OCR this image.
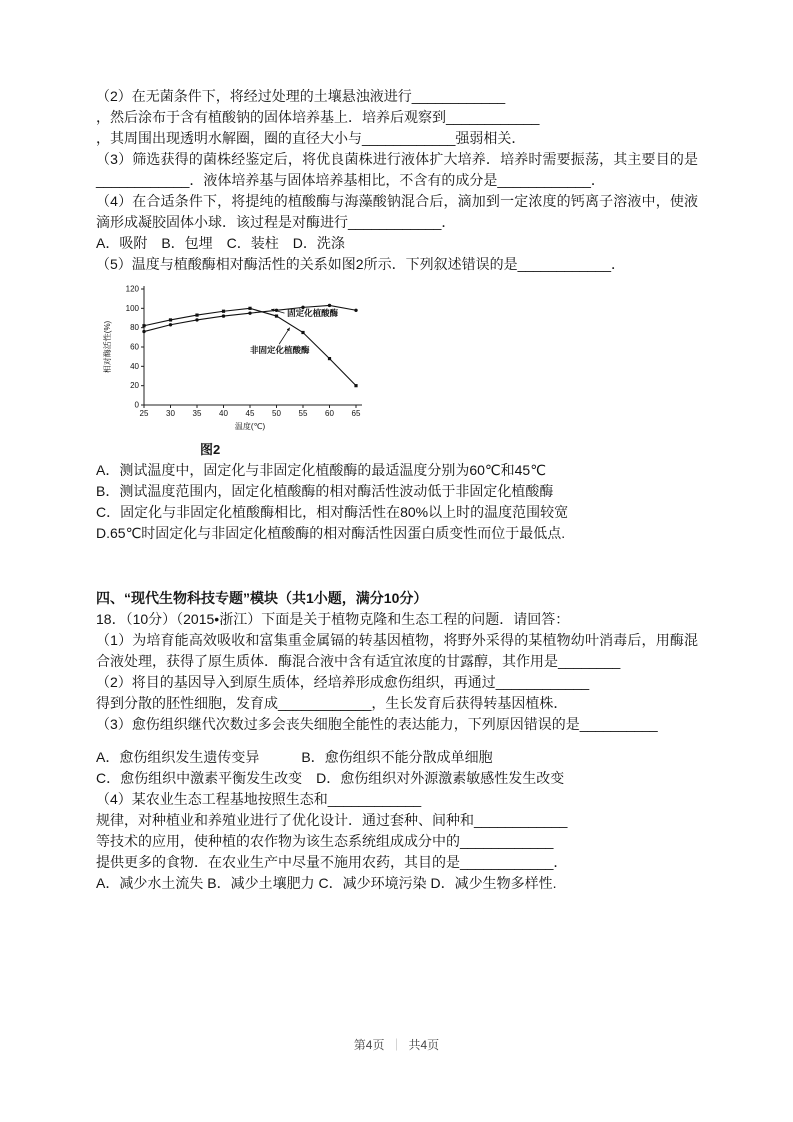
（2）在无菌条件下，将经过处理的土壤悬浊液进行____________

，然后涂布于含有植酸钠的固体培养基上．培养后观察到____________

，其周围出现透明水解圈，圈的直径大小与____________强弱相关．

（3）筛选获得的菌株经鉴定后，将优良菌株进行液体扩大培养．培养时需要振荡，其主要目的是____________．液体培养基与固体培养基相比，不含有的成分是____________．

（4）在合适条件下，将提纯的植酸酶与海藻酸钠混合后，滴加到一定浓度的钙离子溶液中，使液滴形成凝胶固体小球．该过程是对酶进行____________．

A．吸附　B．包埋　C．装柱　D．洗涤

（5）温度与植酸酶相对酶活性的关系如图2所示．下列叙述错误的是____________．

0
20
40
60
80
100
120
25 30 35 40 45 50 55 60 65
固定化植酸酶
非固定化植酸酶
相对酶活性(%)
温度(℃)

图2

A．测试温度中，固定化与非固定化植酸酶的最适温度分别为60℃和45℃

B．测试温度范围内，固定化植酸酶的相对酶活性波动低于非固定化植酸酶

C．固定化与非固定化植酸酶相比，相对酶活性在80%以上时的温度范围较宽

D.65℃时固定化与非固定化植酸酶的相对酶活性因蛋白质变性而位于最低点.

四、“现代生物科技专题”模块（共1小题，满分10分）

18．（10分）（2015•浙江）下面是关于植物克隆和生态工程的问题．请回答：

（1）为培育能高效吸收和富集重金属镉的转基因植物，将野外采得的某植物幼叶消毒后，用酶混合液处理，获得了原生质体．酶混合液中含有适宜浓度的甘露醇，其作用是________

（2）将目的基因导入到原生质体，经培养形成愈伤组织，再通过____________

得到分散的胚性细胞，发育成____________，生长发育后获得转基因植株．

（3）愈伤组织继代次数过多会丧失细胞全能性的表达能力，下列原因错误的是__________

A．愈伤组织发生遗传变异　　　B．愈伤组织不能分散成单细胞

C．愈伤组织中激素平衡发生改变　D．愈伤组织对外源激素敏感性发生改变

（4）某农业生态工程基地按照生态和____________

规律，对种植业和养殖业进行了优化设计．通过套种、间种和____________

等技术的应用，使种植的农作物为该生态系统组成成分中的____________

提供更多的食物．在农业生产中尽量不施用农药，其目的是____________．

A．减少水土流失 B．减少土壤肥力 C．减少环境污染 D．减少生物多样性.

第4页 ｜ 共4页
